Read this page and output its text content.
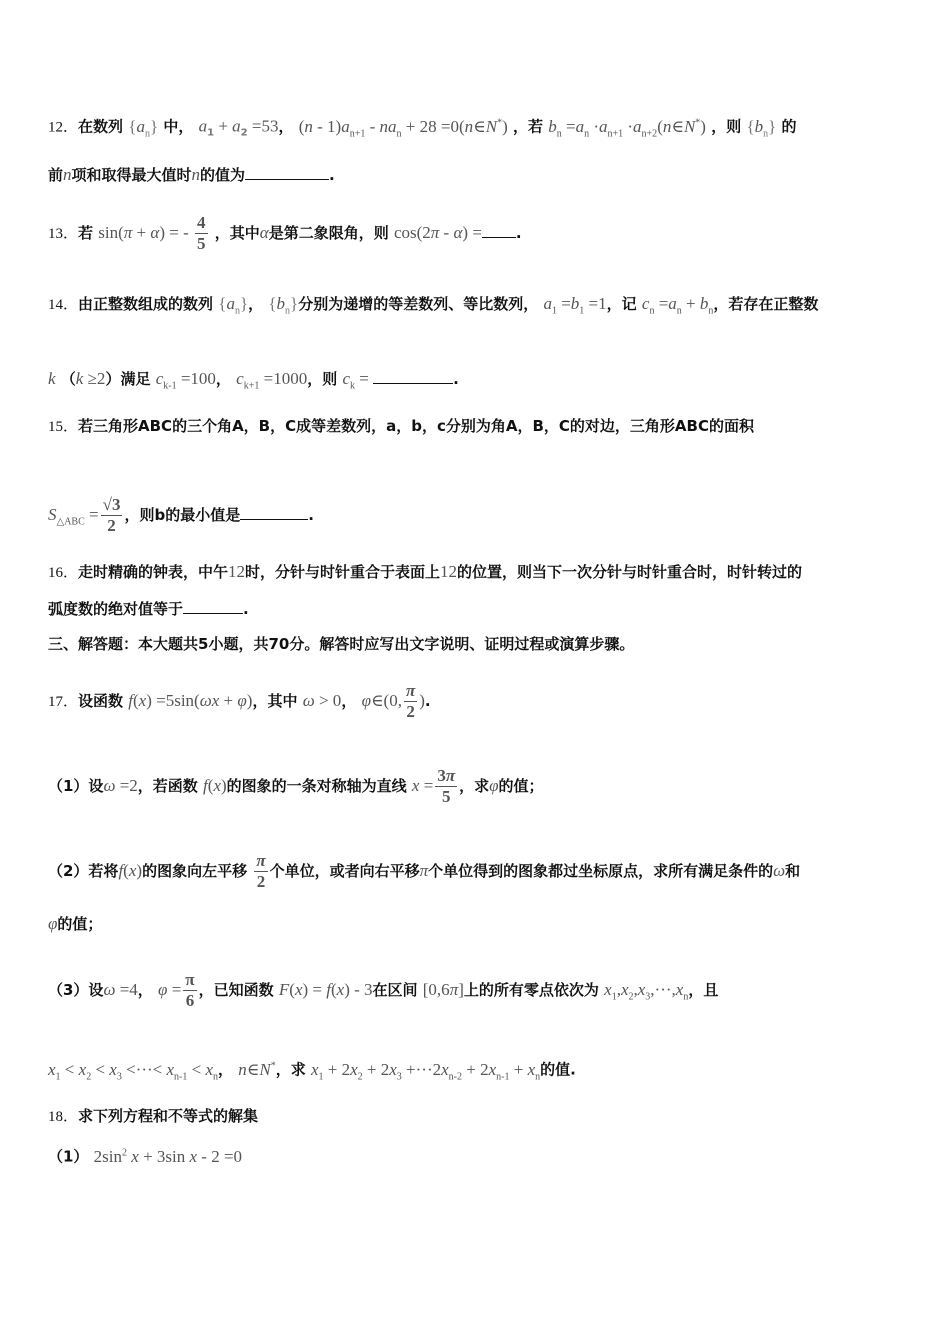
12．在数列 $\{a_n\}$ 中， $a_1 + a_2 =53$， $(n - 1)a_{n+1} - na_n + 28$ =0(n∈N*) ，若 $b_n =a_n \cdot a_{n+1}$ $\cdot a_{n+2}(n\in N^*)$ ，则 $\{b_n\}$ 的
前n项和取得最大值时n的值为	.
13．若 sin(π + α) = - $\frac{4}{5}$ ，其中α是第二象限角，则 cos(2π - α) = .
14．由正整数组成的数列 $\{a_n\}$， $\{b_n\}$分别为递增的等差数列、等比数列， $a_1 =b_1 =1$，记 $c_n =a_n + b_n$，若存在正整数
k （k ≥2）满足 $c_{k-1} =100$， $c_{k+1} =1000$，则 $c_k$ =	.
15．若三角形ABC的三个角A，B，C成等差数列，a，b，c分别为角A，B，C的对边，三角形ABC的面积
$S_{\triangle ABC} = \frac{√3}{2}$ ，则b的最小值是	.
16．走时精确的钟表，中午12时，分针与时针重合于表面上12的位置，则当下一次分针与时针重合时，时针转过的
弧度数的绝对值等于	.
三、解答题：本大题共5小题，共70分。解答时应写出文字说明、证明过程或演算步骤。
17．设函数 f(x) =5sin(ωx + φ)，其中 ω > 0， φ∈(0, $\frac{\pi}{2}$ ).
（1）设ω =2，若函数 f(x)的图象的一条对称轴为直线 $x = \frac{3\pi}{5}$ ，求φ的值；
（2）若将f(x)的图象向左平移 $\frac{\pi}{2}$ 个单位，或者向右平移π个单位得到的图象都过坐标原点，求所有满足条件的ω和
φ的值；
（3）设ω =4， $\varphi = \frac{\pi}{6}$ ，已知函数 F(x) = f(x) - 3在区间 [0,6π]上的所有零点依次为 $x_1,x_2,x_3,\cdot\cdot\cdot,x_n$，且
$x_1 < x_2 < x_3$ <···< $x_{n-1} < x_n$， n∈N*，求 $x_1 + 2x_2 + 2x_3 +\cdot\cdot\cdot 2x_{n-2} + 2x_{n-1} + x_n$的值.
18．求下列方程和不等式的解集
（1） $2\sin^2$ x + 3sin x - 2 =0
